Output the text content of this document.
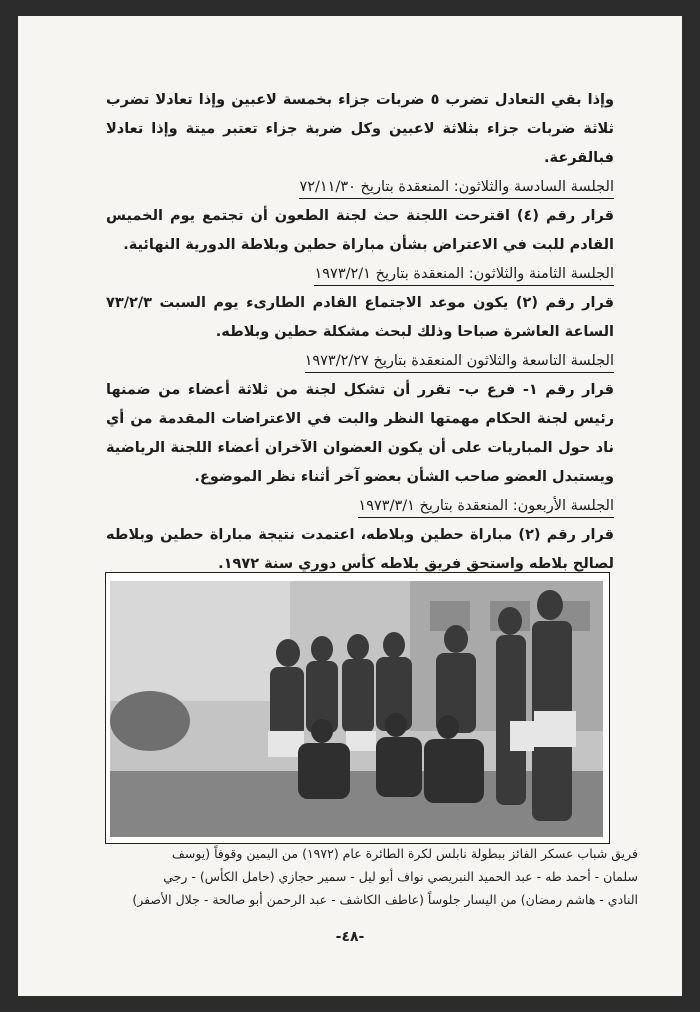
وإذا بقي التعادل تضرب ٥ ضربات جزاء بخمسة لاعبين وإذا تعادلا تضرب ثلاثة ضربات جزاء بثلاثة لاعبين وكل ضربة جزاء تعتبر ميتة وإذا تعادلا فبالقرعة.

الجلسة السادسة والثلاثون: المنعقدة بتاريخ ٧٢/١١/٣٠

قرار رقم (٤) اقترحت اللجنة حث لجنة الطعون أن تجتمع يوم الخميس القادم للبت في الاعتراض بشأن مباراة حطين وبلاطة الدورية النهائية.

الجلسة الثامنة والثلاثون: المنعقدة بتاريخ ١٩٧٣/٢/١

قرار رقم (٢) يكون موعد الاجتماع القادم الطارىء يوم السبت ٧٣/٢/٣ الساعة العاشرة صباحا وذلك لبحث مشكلة حطين وبلاطه.

الجلسة التاسعة والثلاثون المنعقدة بتاريخ ١٩٧٣/٢/٢٧

قرار رقم ١- فرع ب- تقرر أن تشكل لجنة من ثلاثة أعضاء من ضمنها رئيس لجنة الحكام مهمتها النظر والبت في الاعتراضات المقدمة من أي ناد حول المباريات على أن يكون العضوان الآخران أعضاء اللجنة الرياضية ويستبدل العضو صاحب الشأن بعضو آخر أثناء نظر الموضوع.

الجلسة الأربعون: المنعقدة بتاريخ ١٩٧٣/٣/١

قرار رقم (٢) مباراة حطين وبلاطه، اعتمدت نتيجة مباراة حطين وبلاطه لصالح بلاطه واستحق فريق بلاطه كأس دوري سنة ١٩٧٢.

فريق شباب عسكر الفائز ببطولة نابلس لكرة الطائرة عام (١٩٧٢) من اليمين وقوفاً (يوسف
سلمان - أحمد طه - عبد الحميد النبريصي نواف أبو ليل - سمير حجازي (حامل الكأس) - رجي
النادي - هاشم رمضان) من اليسار جلوساً (عاطف الكاشف - عبد الرحمن أبو صالحة - جلال الأصفر)
-٤٨-
